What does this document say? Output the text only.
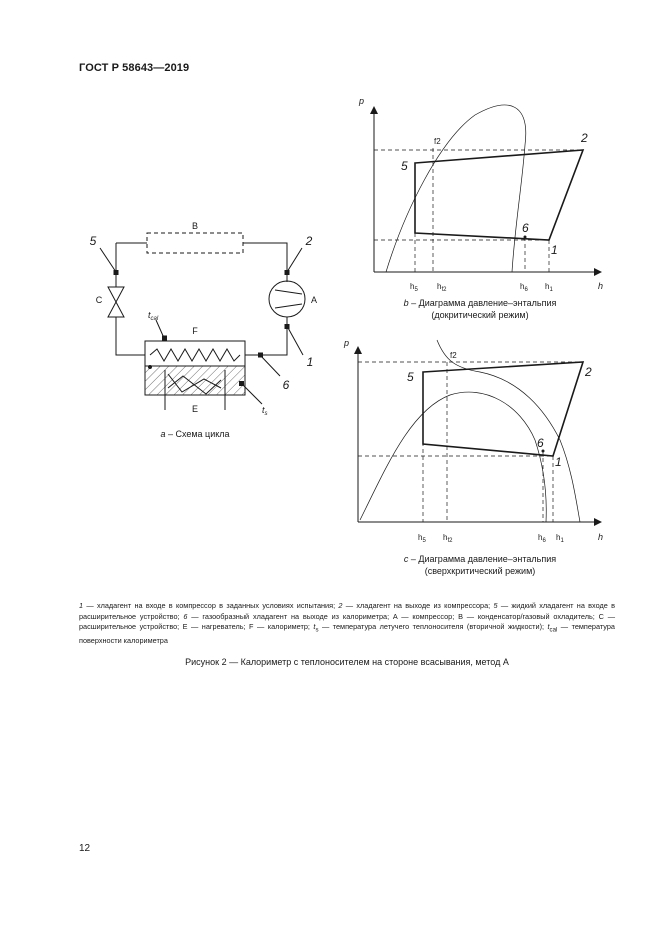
ГОСТ Р 58643—2019
B
C	A
F
E
5	2
1
6
$t_{cal}$
$t_s$
p
h
f2	2
5
6
1
$h_5$ $h_{f2}$	$h_6$ $h_1$
p
h
f2
2
5
6
1
$h_5$ $h_{f2}$	$h_6$ $h_1$
a – Схема цикла
b – Диаграмма давление–энтальпия
(докритический режим)
c – Диаграмма давление–энтальпия
(сверхкритический режим)
1 — хладагент на входе в компрессор в заданных условиях испытания; 2 — хладагент на выходе из компрессора; 5 — жидкий хладагент на входе в расширительное устройство; 6 — газообразный хладагент на выходе из калориметра; A — компрессор; B — конденсатор/газовый охладитель; C — расширительное устройство; E — нагреватель; F — калориметр; $t_s$ — температура летучего теплоносителя (вторичной жидкости); $t_{cal}$ — температура поверхности калориметра
Рисунок 2 — Калориметр с теплоносителем на стороне всасывания, метод A
12
